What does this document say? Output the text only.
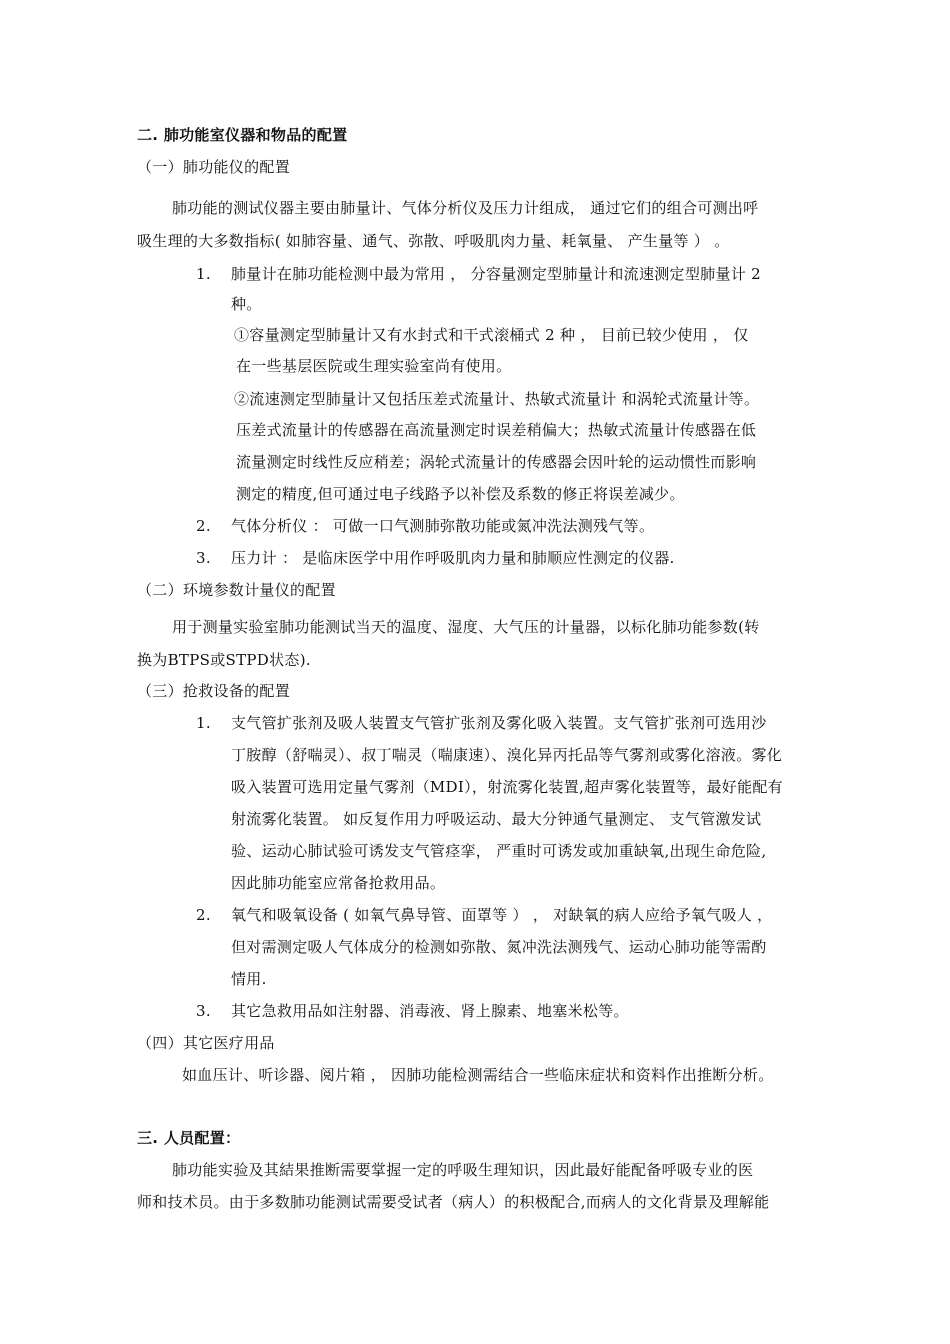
二. 肺功能室仪器和物品的配置
（一）肺功能仪的配置
肺功能的测试仪器主要由肺量计、气体分析仪及压力计组成， 通过它们的组合可测出呼
吸生理的大多数指标( 如肺容量、通气、弥散、呼吸肌肉力量、耗氧量、 产生量等 ） 。
1. 肺量计在肺功能检测中最为常用 ， 分容量测定型肺量计和流速测定型肺量计 2
种。
①容量测定型肺量计又有水封式和干式滚桶式 2 种 ， 目前已较少使用 ， 仅
在一些基层医院或生理实验室尚有使用。
②流速测定型肺量计又包括压差式流量计、热敏式流量计 和涡轮式流量计等。
压差式流量计的传感器在高流量测定时误差稍偏大；热敏式流量计传感器在低
流量测定时线性反应稍差；涡轮式流量计的传感器会因叶轮的运动惯性而影响
测定的精度,但可通过电子线路予以补偿及系数的修正将误差减少。
2. 气体分析仪 ： 可做一口气测肺弥散功能或氮冲洗法测残气等。
3. 压力计 ： 是临床医学中用作呼吸肌肉力量和肺顺应性测定的仪器.
（二）环境参数计量仪的配置
用于测量实验室肺功能测试当天的温度、湿度、大气压的计量器，以标化肺功能参数(转
换为BTPS或STPD状态).
（三）抢救设备的配置
1. 支气管扩张剂及吸人装置支气管扩张剂及雾化吸入装置。支气管扩张剂可选用沙
丁胺醇（舒喘灵）、叔丁喘灵（喘康速）、溴化异丙托品等气雾剂或雾化溶液。雾化
吸入装置可选用定量气雾剂（MDI），射流雾化装置,超声雾化装置等，最好能配有
射流雾化装置。 如反复作用力呼吸运动、最大分钟通气量测定、 支气管激发试
验、运动心肺试验可诱发支气管痉挛， 严重时可诱发或加重缺氧,出现生命危险,
因此肺功能室应常备抢救用品。
2. 氧气和吸氧设备 ( 如氧气鼻导管、面罩等 ） ， 对缺氧的病人应给予氧气吸人 ，
但对需测定吸人气体成分的检测如弥散、氮冲洗法测残气、运动心肺功能等需酌
情用.
3. 其它急救用品如注射器、消毒液、肾上腺素、地塞米松等。
（四）其它医疗用品
如血压计、听诊器、阅片箱 ， 因肺功能检测需结合一些临床症状和资料作出推断分析。
三. 人员配置：
肺功能实验及其結果推断需要掌握一定的呼吸生理知识，因此最好能配备呼吸专业的医
师和技术员。由于多数肺功能测试需要受试者（病人）的积极配合,而病人的文化背景及理解能
